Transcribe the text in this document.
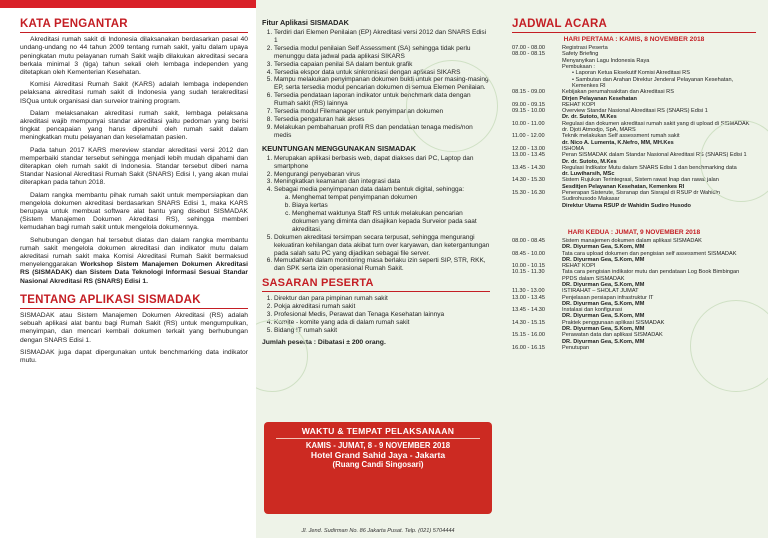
KATA PENGANTAR

Akreditasi rumah sakit di Indonesia dilaksanakan berdasarkan pasal 40 undang-undang no 44 tahun 2009 tentang rumah sakit, yaitu dalam upaya peningkatan mutu pelayanan rumah Sakit wajib dilakukan akreditasi secara berkala minimal 3 (tiga) tahun sekali oleh lembaga independen yang ditetapkan oleh Kementerian Kesehatan.

Komisi Akreditasi Rumah Sakit (KARS) adalah lembaga independen pelaksana akreditasi rumah sakit di Indonesia yang sudah terakreditasi ISQua untuk organisasi dan surveior training program.

Dalam melaksanakan akreditasi rumah sakit, lembaga pelaksana akreditasi wajib mempunyai standar akreditasi yaitu pedoman yang berisi tingkat pencapaian yang harus dipenuhi oleh rumah sakit dalam meningkatkan mutu pelayanan dan keselamatan pasien.

Pada tahun 2017 KARS mereview standar akreditasi versi 2012 dan memperbaiki standar tersebut sehingga menjadi lebih mudah dipahami dan diterapkan oleh rumah sakit di Indonesia. Standar tersebut diberi nama Standar Nasional Akreditasi Rumah Sakit (SNARS) Edisi I, yang akan mulai diterapkan pada tahun 2018.

Dalam rangka membantu pihak rumah sakit untuk mempersiapkan dan mengelola dokumen akreditasi berdasarkan SNARS Edisi 1, maka KARS berupaya untuk membuat software alat bantu yang disebut SISMADAK (Sistem Manajemen Dokumen Akreditasi RS), sehingga memberi kemudahan bagi rumah sakit untuk mengelola dokumennya.

Sehubungan dengan hal tersebut diatas dan dalam rangka membantu rumah sakit mengelola dokumen akreditasi dan indikator mutu dalam akreditasi rumah sakit maka Komisi Akreditasi Rumah Sakit bermaksud menyelenggarakan Workshop Sistem Manajemen Dokumen Akreditasi RS (SISMADAK) dan Sistem Data Teknologi Informasi Sesuai Standar Nasional Akreditasi RS (SNARS) Edisi 1.

TENTANG APLIKASI SISMADAK

SISMADAK atau Sistem Manajemen Dokumen Akreditasi (RS) adalah sebuah aplikasi alat bantu bagi Rumah Sakit (RS) untuk mengumpulkan, menyimpan, dan mencari kembali dokumen terkait yang berhubungan dengan SNARS Edisi 1.

SISMADAK juga dapat dipergunakan untuk benchmarking data indikator mutu.

Fitur Aplikasi SISMADAK
1. Terdiri dari Elemen Penilaian (EP) Akreditasi versi 2012 dan SNARS Edisi 1
2. Tersedia modul penilaian Self Assessment (SA) sehingga tidak perlu menunggu data jadwal pada aplikasi SIKARS
3. Tersedia capaian penilai SA dalam bentuk grafik
4. Tersedia ekspor data untuk sinkronisasi dengan aplikasi SIKARS
5. Mampu melakukan penyimpanan dokumen bukti untuk per masing-masing EP, serta tersedia modul pencarian dokumen di semua Elemen Penilaian.
6. Tersedia pendataan laporan indikator untuk benchmark data dengan Rumah sakit (RS) lainnya
7. Tersedia modul Filemanager untuk penyimpanan dokumen
8. Tersedia pengaturan hak akses
9. Melakukan pembaharuan profil RS dan pendataan tenaga medis/non medis
KEUNTUNGAN MENGGUNAKAN SISMADAK
1. Merupakan aplikasi berbasis web, dapat diakses dari PC, Laptop dan smartphone
2. Mengurangi penyebaran virus
3. Meningkatkan keamanan dan integrasi data
4. Sebagai media penyimpanan data dalam bentuk digital, sehingga:
a. Menghemat tempat penyimpanan dokumen
b. Biaya kertas
c. Menghemat waktunya Staff RS untuk melakukan pencarian dokumen yang diminta dan disajikan kepada Surveior pada saat akreditasi.
5. Dokumen akreditasi tersimpan secara terpusat, sehingga mengurangi kekuatiran kehilangan data akibat turn over karyawan, dan ketergantungan pada salah satu PC yang dijadikan sebagai file server.
6. Memudahkan dalam monitoring masa berlaku izin seperti SIP, STR, RKK, dan SPK serta izin operasional Rumah Sakit.
SASARAN PESERTA
1. Direktur dan para pimpinan rumah sakit
2. Pokja akreditasi rumah sakit
3. Profesional Medis, Perawat dan Tenaga Kesehatan lainnya
4. Komite - komite yang ada di dalam rumah sakit
5. Bidang IT rumah sakit
Jumlah peserta : Dibatasi ± 200 orang.
WAKTU & TEMPAT PELAKSANAAN
KAMIS - JUMAT, 8 - 9 NOVEMBER 2018
Hotel Grand Sahid Jaya - Jakarta
(Ruang Candi Singosari)
Jl. Jend. Sudirman No. 86 Jakarta Pusat. Telp. (021) 5704444
JADWAL ACARA
HARI PERTAMA : KAMIS, 8 NOVEMBER 2018
07.00 - 08.00	Registrasi Peserta

08.00 - 08.15	Safety Briefing
Menyanyikan Lagu Indonesia Raya
Pembukaan :
• Laporan Ketua Eksekutif Komisi Akreditasi RS
• Sambutan dan Arahan Direktur Jenderal Pelayanan Kesehatan, Kemenkes RI

08.15 - 09.00	Kebijakan perumahsakitan dan Akreditasi RS
Dirjen Pelayanan Kesehatan

09.00 - 09.15	REHAT KOPI

09.15 - 10.00	Overview Standar Nasional Akreditasi RS (SNARS) Edisi 1
Dr. dr. Sutoto, M.Kes

10.00 - 11.00	Regulasi dan dokumen akreditasi rumah sakit yang di upload di SISMADAK
dr. Djoti Atmodjo, SpA, MARS

11.00 - 12.00	Teknik melakukan Self assessment rumah sakit
dr. Nico A. Lumenta, K.Nefro, MM, MH.Kes

12.00 - 13.00	ISHOMA

13.00 - 13.45	Peran SISMADAK dalam Standar Nasional Akreditasi RS (SNARS) Edisi 1
Dr. dr. Sutoto, M.Kes

13.45 - 14.30	Regulasi Indikator Mutu dalam SNARS Edisi 1 dan benchmarking data
dr. Luwiharsih, MSc

14.30 - 15.30	Sistem Rujukan Terintegrasi, Sistem rawat Inap dan rawat jalan
Sesditjen Pelayanan Kesehatan, Kemenkes RI

15.30 - 16.30	Penerapan Sisterute, Sisranap dan Sisrajal di RSUP dr Wahidin Sudirohusodo Makasar
Direktur Utama RSUP dr Wahidin Sudiro Husodo
HARI KEDUA : JUMAT, 9 NOVEMBER 2018
08.00 - 08.45	Sistem manajemen dokumen dalam aplikasi SISMADAK
DR. Diyurman Gea, S.Kom, MM

08.45 - 10.00	Tata cara upload dokumen dan pengisian self assessment SISMADAK
DR. Diyurman Gea, S.Kom, MM

10.00 - 10.15	REHAT KOPI

10.15 - 11.30	Tata cara pengisian indikator mutu dan pendataan Log Book Bimbingan PPDS dalam SISMADAK
DR. Diyurman Gea, S.Kom, MM

11.30 - 13.00	ISTIRAHAT – SHOLAT JUMAT

13.00 - 13.45	Penjelasan persiapan infrastruktur IT
DR. Diyurman Gea, S.Kom, MM

13.45 - 14.30	Instalasi dan konfigurasi
DR. Diyurman Gea, S.Kom, MM

14.30 - 15.15	Praktek penggunaan aplikasi SISMADAK
DR. Diyurman Gea, S.Kom, MM

15.15 - 16.00	Perawatan data dan aplikasi SISMADAK
DR. Diyurman Gea, S.Kom, MM

16.00 - 16.15	Penutupan
